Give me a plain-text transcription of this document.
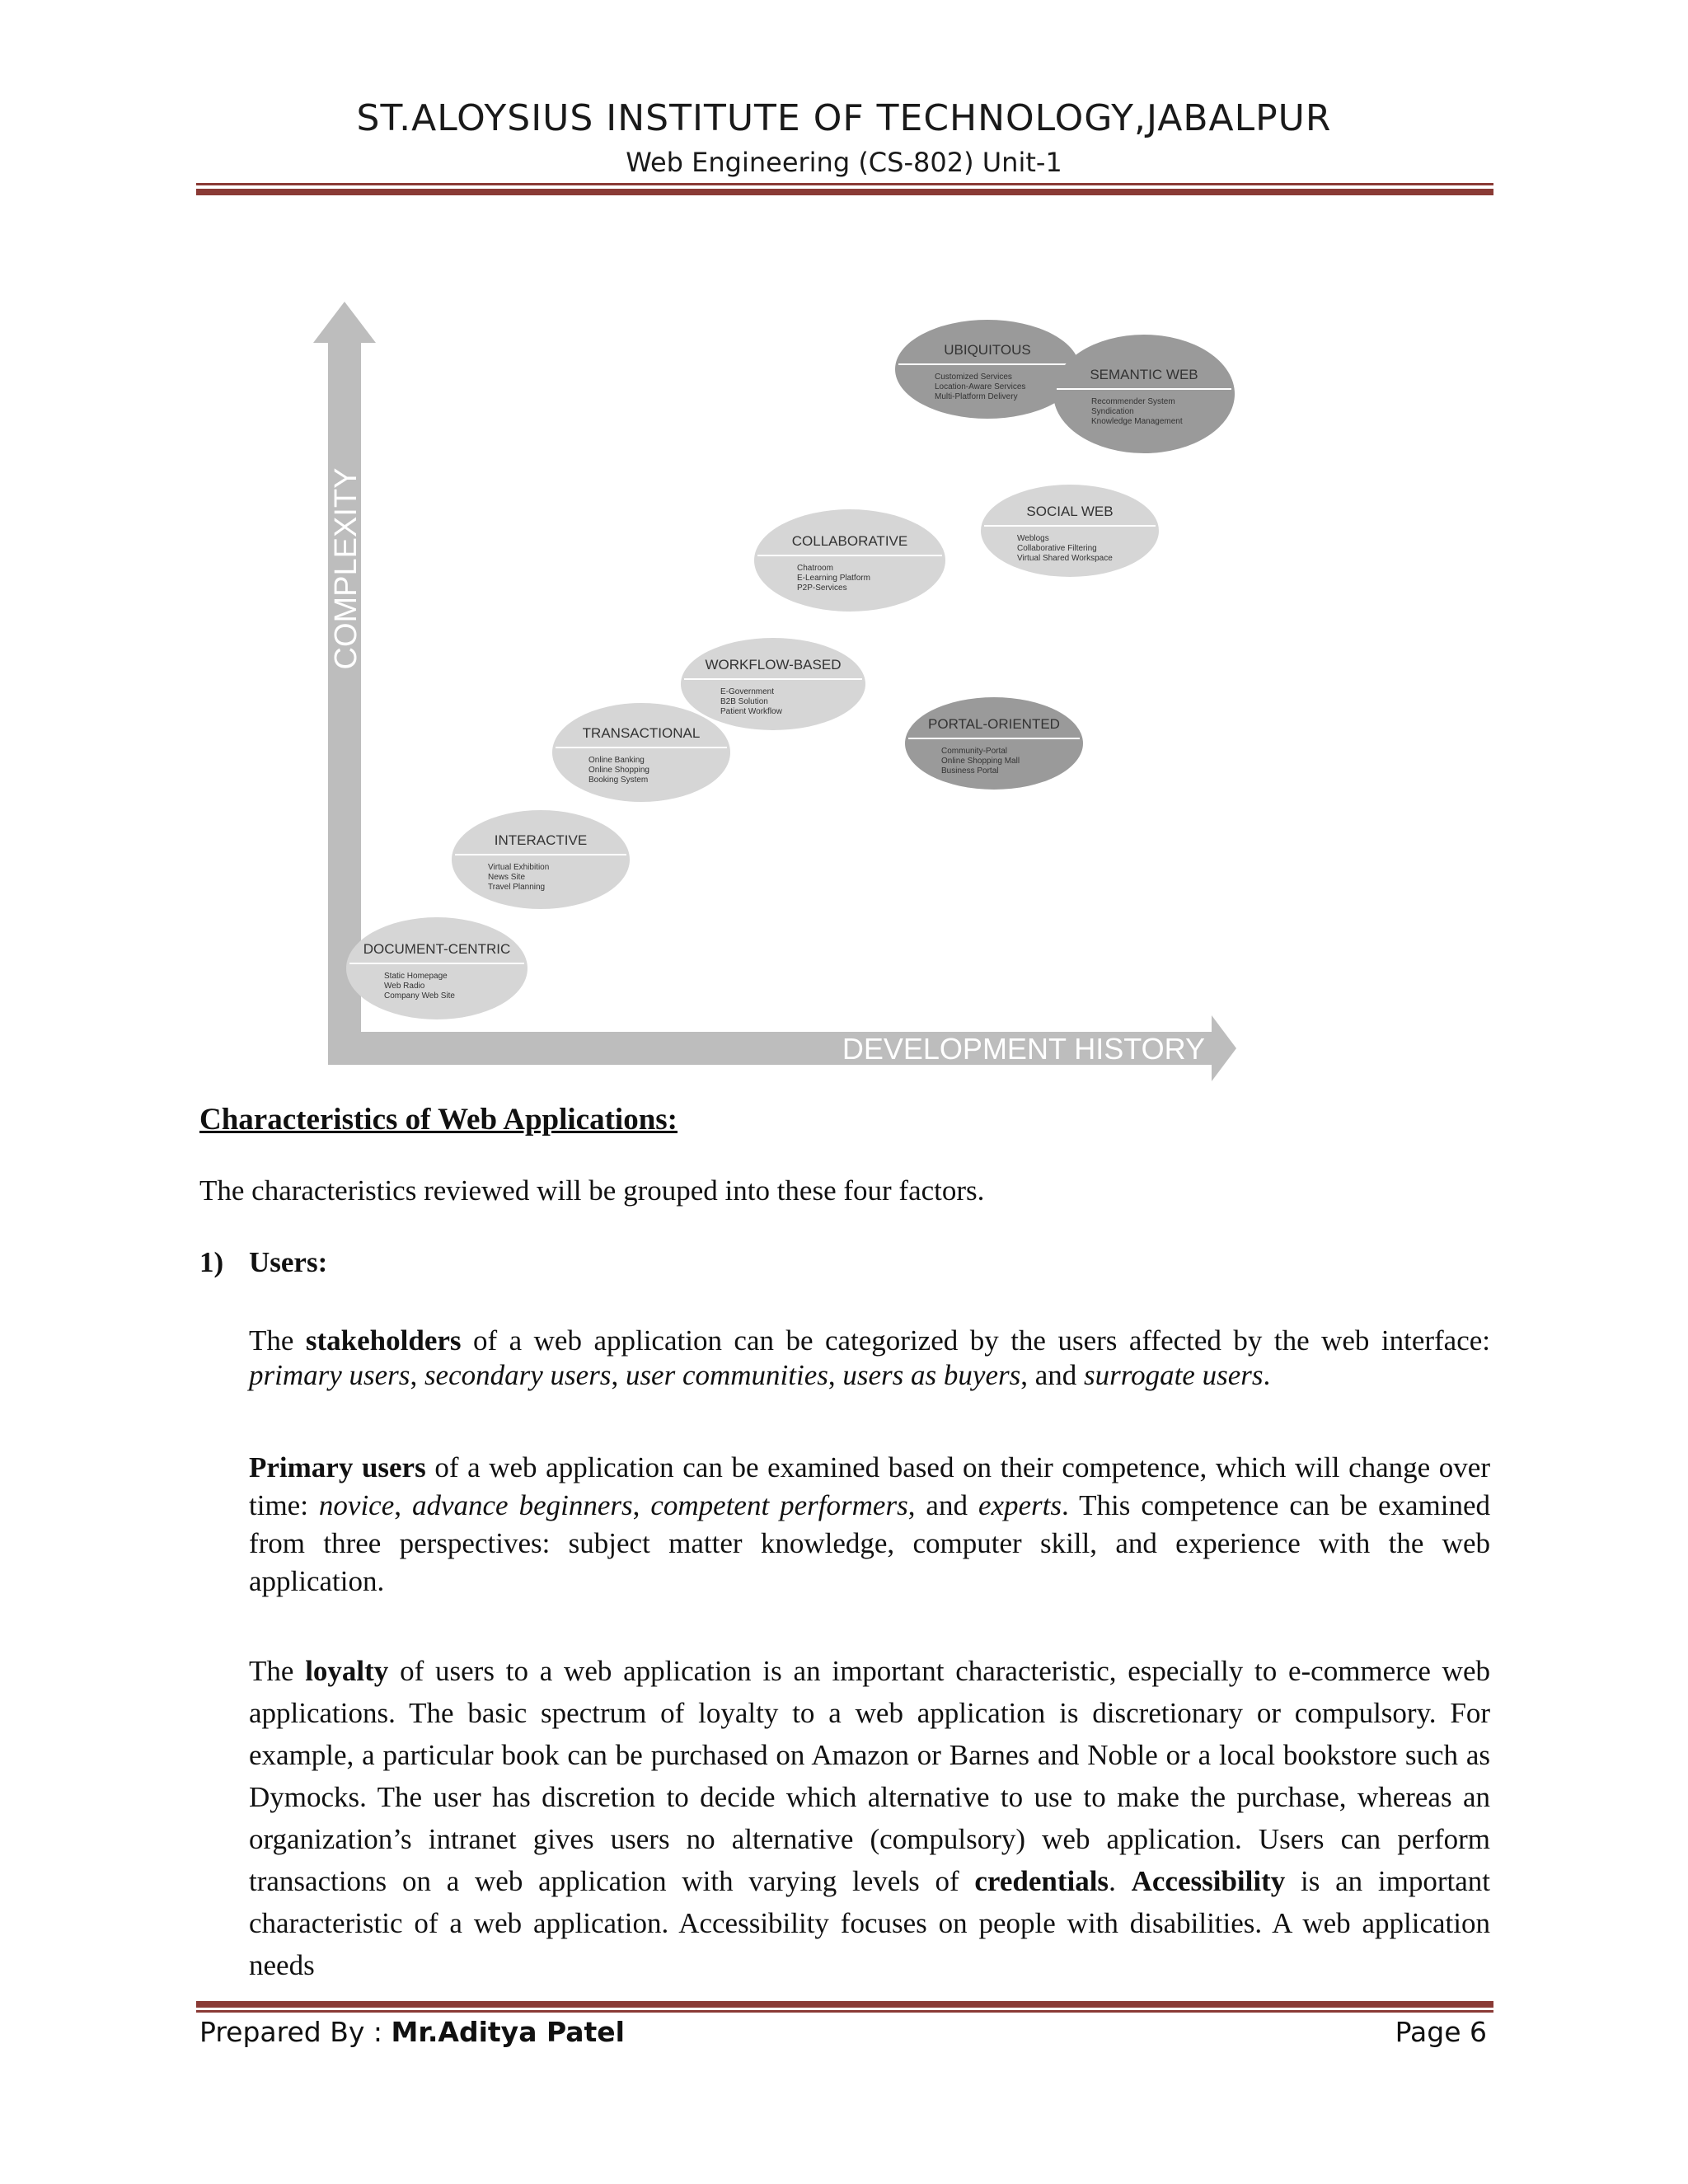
ST.ALOYSIUS INSTITUTE OF TECHNOLOGY,JABALPUR
Web Engineering (CS-802) Unit-1
COMPLEXITY
DEVELOPMENT HISTORY
DOCUMENT-CENTRIC
Static Homepage
Web Radio
Company Web Site
INTERACTIVE
Virtual Exhibition
News Site
Travel Planning
TRANSACTIONAL
Online Banking
Online Shopping
Booking System
WORKFLOW-BASED
E-Government
B2B Solution
Patient Workflow
COLLABORATIVE
Chatroom
E-Learning Platform
P2P-Services
PORTAL-ORIENTED
Community-Portal
Online Shopping Mall
Business Portal
SOCIAL WEB
Weblogs
Collaborative Filtering
Virtual Shared Workspace
UBIQUITOUS
Customized Services
Location-Aware Services
Multi-Platform Delivery
SEMANTIC WEB
Recommender System
Syndication
Knowledge Management
Characteristics of Web Applications:
The characteristics reviewed will be grouped into these four factors.
1) Users:
The stakeholders of a web application can be categorized by the users affected by the web interface: primary users, secondary users, user communities, users as buyers, and surrogate users.
Primary users of a web application can be examined based on their competence, which will change over time: novice, advance beginners, competent performers, and experts. This competence can be examined from three perspectives: subject matter knowledge, computer skill, and experience with the web application.
The loyalty of users to a web application is an important characteristic, especially to e-commerce web applications. The basic spectrum of loyalty to a web application is discretionary or compulsory. For example, a particular book can be purchased on Amazon or Barnes and Noble or a local bookstore such as Dymocks. The user has discretion to decide which alternative to use to make the purchase, whereas an organization’s intranet gives users no alternative (compulsory) web application. Users can perform transactions on a web application with varying levels of credentials. Accessibility is an important characteristic of a web application. Accessibility focuses on people with disabilities. A web application needs
Prepared By : Mr.Aditya Patel	Page 6
